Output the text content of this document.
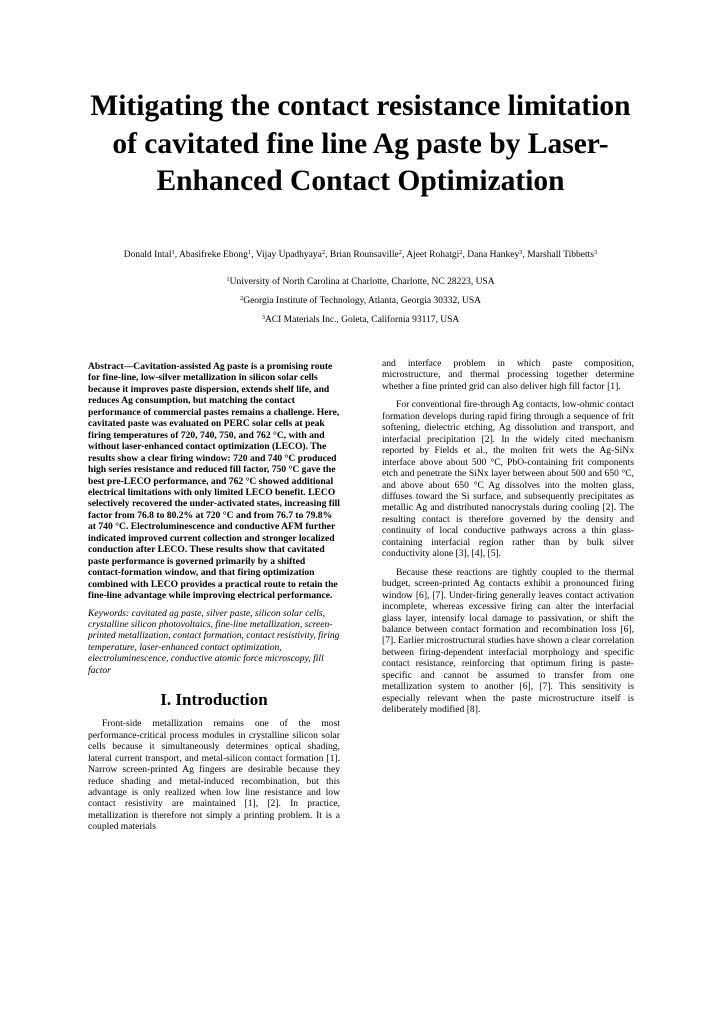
Mitigating the contact resistance limitation of cavitated fine line Ag paste by Laser-Enhanced Contact Optimization

Donald Intal$^1$, Abasifreke Ebong$^1$, Vijay Upadhyaya$^2$, Brian Rounsaville$^2$, Ajeet Rohatgi$^2$, Dana Hankey$^3$, Marshall Tibbetts$^3$

$^1$University of North Carolina at Charlotte, Charlotte, NC 28223, USA

$^2$Georgia Institute of Technology, Atlanta, Georgia 30332, USA

$^3$ACI Materials Inc., Goleta, California 93117, USA

Abstract—Cavitation-assisted Ag paste is a promising route for fine-line, low-silver metallization in silicon solar cells because it improves paste dispersion, extends shelf life, and reduces Ag consumption, but matching the contact performance of commercial pastes remains a challenge. Here, cavitated paste was evaluated on PERC solar cells at peak firing temperatures of 720, 740, 750, and 762 °C, with and without laser-enhanced contact optimization (LECO). The results show a clear firing window: 720 and 740 °C produced high series resistance and reduced fill factor, 750 °C gave the best pre-LECO performance, and 762 °C showed additional electrical limitations with only limited LECO benefit. LECO selectively recovered the under-activated states, increasing fill factor from 76.8 to 80.2% at 720 °C and from 76.7 to 79.8% at 740 °C. Electroluminescence and conductive AFM further indicated improved current collection and stronger localized conduction after LECO. These results show that cavitated paste performance is governed primarily by a shifted contact-formation window, and that firing optimization combined with LECO provides a practical route to retain the fine-line advantage while improving electrical performance.

Keywords: cavitated ag paste, silver paste, silicon solar cells, crystalline silicon photovoltaics, fine-line metallization, screen-printed metallization, contact formation, contact resistivity, firing temperature, laser-enhanced contact optimization, electroluminescence, conductive atomic force microscopy, fill factor

I. Introduction

Front-side metallization remains one of the most performance-critical process modules in crystalline silicon solar cells because it simultaneously determines optical shading, lateral current transport, and metal-silicon contact formation [1]. Narrow screen-printed Ag fingers are desirable because they reduce shading and metal-induced recombination, but this advantage is only realized when low line resistance and low contact resistivity are maintained [1], [2]. In practice, metallization is therefore not simply a printing problem. It is a coupled materials

and interface problem in which paste composition, microstructure, and thermal processing together determine whether a fine printed grid can also deliver high fill factor [1].

For conventional fire-through Ag contacts, low-ohmic contact formation develops during rapid firing through a sequence of frit softening, dielectric etching, Ag dissolution and transport, and interfacial precipitation [2]. In the widely cited mechanism reported by Fields et al., the molten frit wets the Ag-SiNx interface above about 500 °C, PbO-containing frit components etch and penetrate the SiNx layer between about 500 and 650 °C, and above about 650 °C Ag dissolves into the molten glass, diffuses toward the Si surface, and subsequently precipitates as metallic Ag and distributed nanocrystals during cooling [2]. The resulting contact is therefore governed by the density and continuity of local conductive pathways across a thin glass-containing interfacial region rather than by bulk silver conductivity alone [3], [4], [5].

Because these reactions are tightly coupled to the thermal budget, screen-printed Ag contacts exhibit a pronounced firing window [6], [7]. Under-firing generally leaves contact activation incomplete, whereas excessive firing can alter the interfacial glass layer, intensify local damage to passivation, or shift the balance between contact formation and recombination loss [6], [7]. Earlier microstructural studies have shown a clear correlation between firing-dependent interfacial morphology and specific contact resistance, reinforcing that optimum firing is paste-specific and cannot be assumed to transfer from one metallization system to another [6], [7]. This sensitivity is especially relevant when the paste microstructure itself is deliberately modified [8].
